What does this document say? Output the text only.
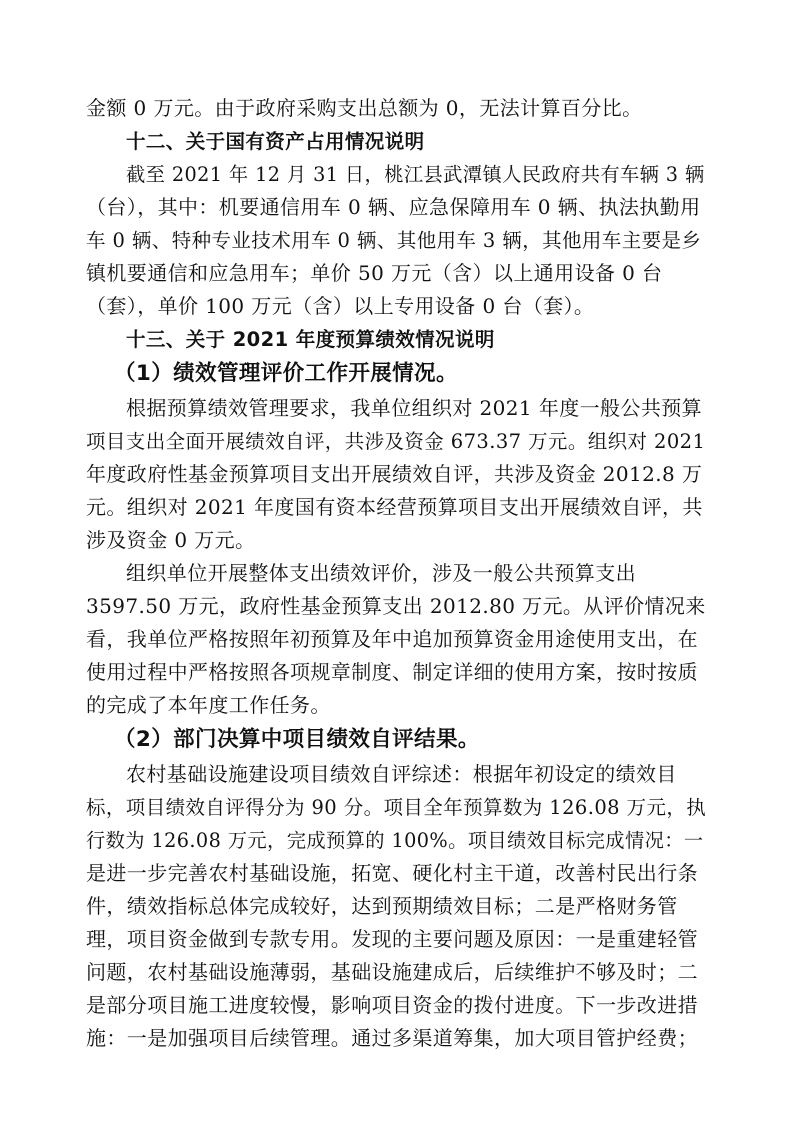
金额 0 万元。由于政府采购支出总额为 0，无法计算百分比。
十二、关于国有资产占用情况说明
截至 2021 年 12 月 31 日，桃江县武潭镇人民政府共有车辆 3 辆
（台），其中：机要通信用车 0 辆、应急保障用车 0 辆、执法执勤用
车 0 辆、特种专业技术用车 0 辆、其他用车 3 辆，其他用车主要是乡
镇机要通信和应急用车；单价 50 万元（含）以上通用设备 0 台
（套），单价 100 万元（含）以上专用设备 0 台（套）。
十三、关于 2021 年度预算绩效情况说明
（1）绩效管理评价工作开展情况。
根据预算绩效管理要求，我单位组织对 2021 年度一般公共预算
项目支出全面开展绩效自评，共涉及资金 673.37 万元。组织对 2021
年度政府性基金预算项目支出开展绩效自评，共涉及资金 2012.8 万
元。组织对 2021 年度国有资本经营预算项目支出开展绩效自评，共
涉及资金 0 万元。
组织单位开展整体支出绩效评价，涉及一般公共预算支出
3597.50 万元，政府性基金预算支出 2012.80 万元。从评价情况来
看，我单位严格按照年初预算及年中追加预算资金用途使用支出，在
使用过程中严格按照各项规章制度、制定详细的使用方案，按时按质
的完成了本年度工作任务。
（2）部门决算中项目绩效自评结果。
农村基础设施建设项目绩效自评综述：根据年初设定的绩效目
标，项目绩效自评得分为 90 分。项目全年预算数为 126.08 万元，执
行数为 126.08 万元，完成预算的 100%。项目绩效目标完成情况：一
是进一步完善农村基础设施，拓宽、硬化村主干道，改善村民出行条
件，绩效指标总体完成较好，达到预期绩效目标；二是严格财务管
理，项目资金做到专款专用。发现的主要问题及原因：一是重建轻管
问题，农村基础设施薄弱，基础设施建成后，后续维护不够及时；二
是部分项目施工进度较慢，影响项目资金的拨付进度。下一步改进措
施：一是加强项目后续管理。通过多渠道筹集，加大项目管护经费；
